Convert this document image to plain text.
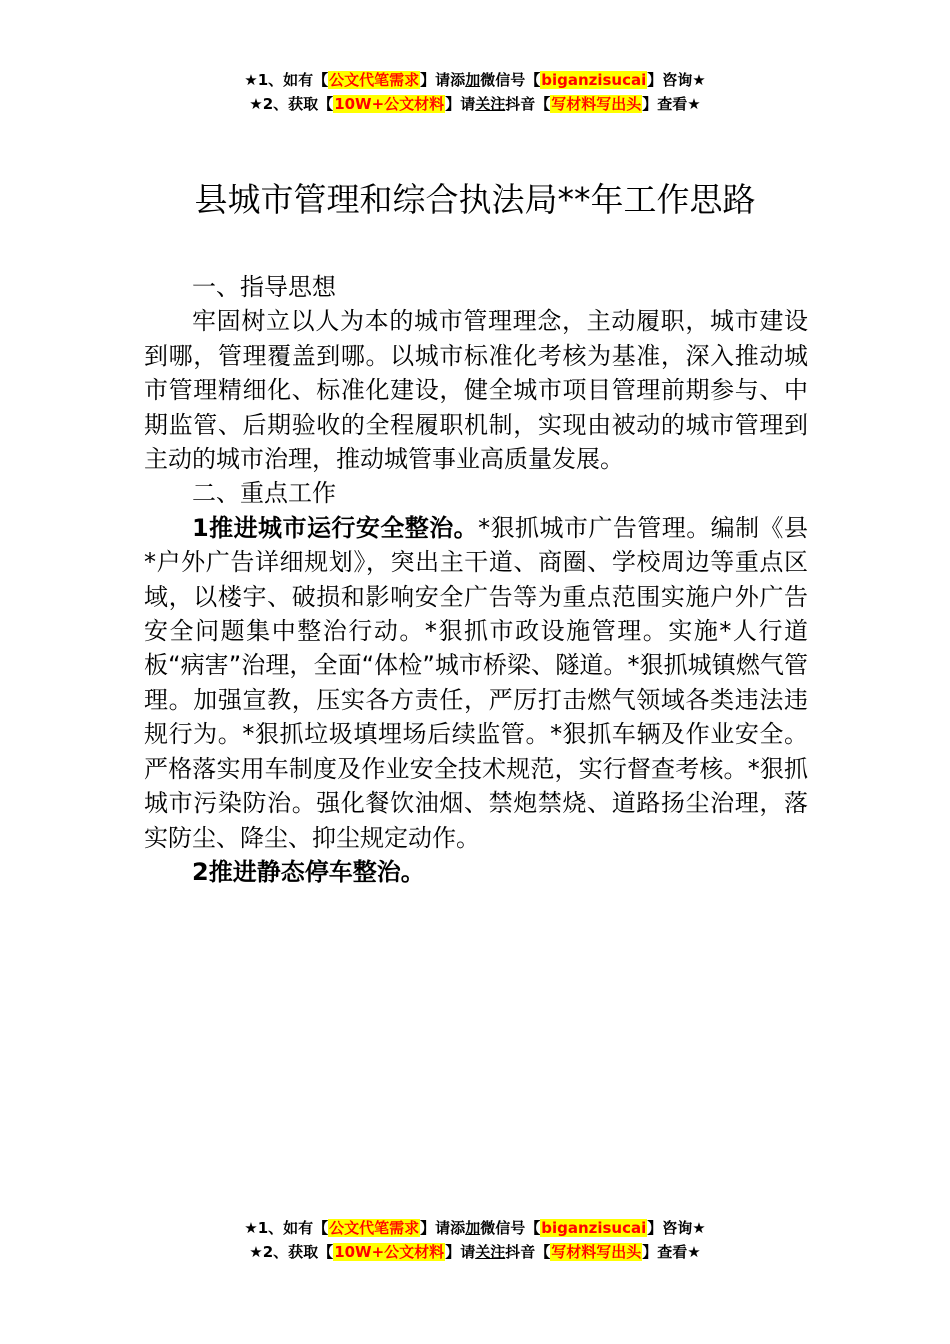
★1、如有【公文代笔需求】请添加微信号【biganzisucai】咨询★
★2、获取【10W+公文材料】请关注抖音【写材料写出头】查看★
县城市管理和综合执法局**年工作思路

一、指导思想

牢固树立以人为本的城市管理理念，主动履职，城市建设到哪，管理覆盖到哪。以城市标准化考核为基准，深入推动城市管理精细化、标准化建设，健全城市项目管理前期参与、中期监管、后期验收的全程履职机制，实现由被动的城市管理到主动的城市治理，推动城管事业高质量发展。

二、重点工作

1推进城市运行安全整治。*狠抓城市广告管理。编制《县*户外广告详细规划》，突出主干道、商圈、学校周边等重点区域，以楼宇、破损和影响安全广告等为重点范围实施户外广告安全问题集中整治行动。*狠抓市政设施管理。实施*人行道板“病害”治理，全面“体检”城市桥梁、隧道。*狠抓城镇燃气管理。加强宣教，压实各方责任，严厉打击燃气领域各类违法违规行为。*狠抓垃圾填埋场后续监管。*狠抓车辆及作业安全。严格落实用车制度及作业安全技术规范，实行督查考核。*狠抓城市污染防治。强化餐饮油烟、禁炮禁烧、道路扬尘治理，落实防尘、降尘、抑尘规定动作。

2推进静态停车整治。

★1、如有【公文代笔需求】请添加微信号【biganzisucai】咨询★
★2、获取【10W+公文材料】请关注抖音【写材料写出头】查看★
